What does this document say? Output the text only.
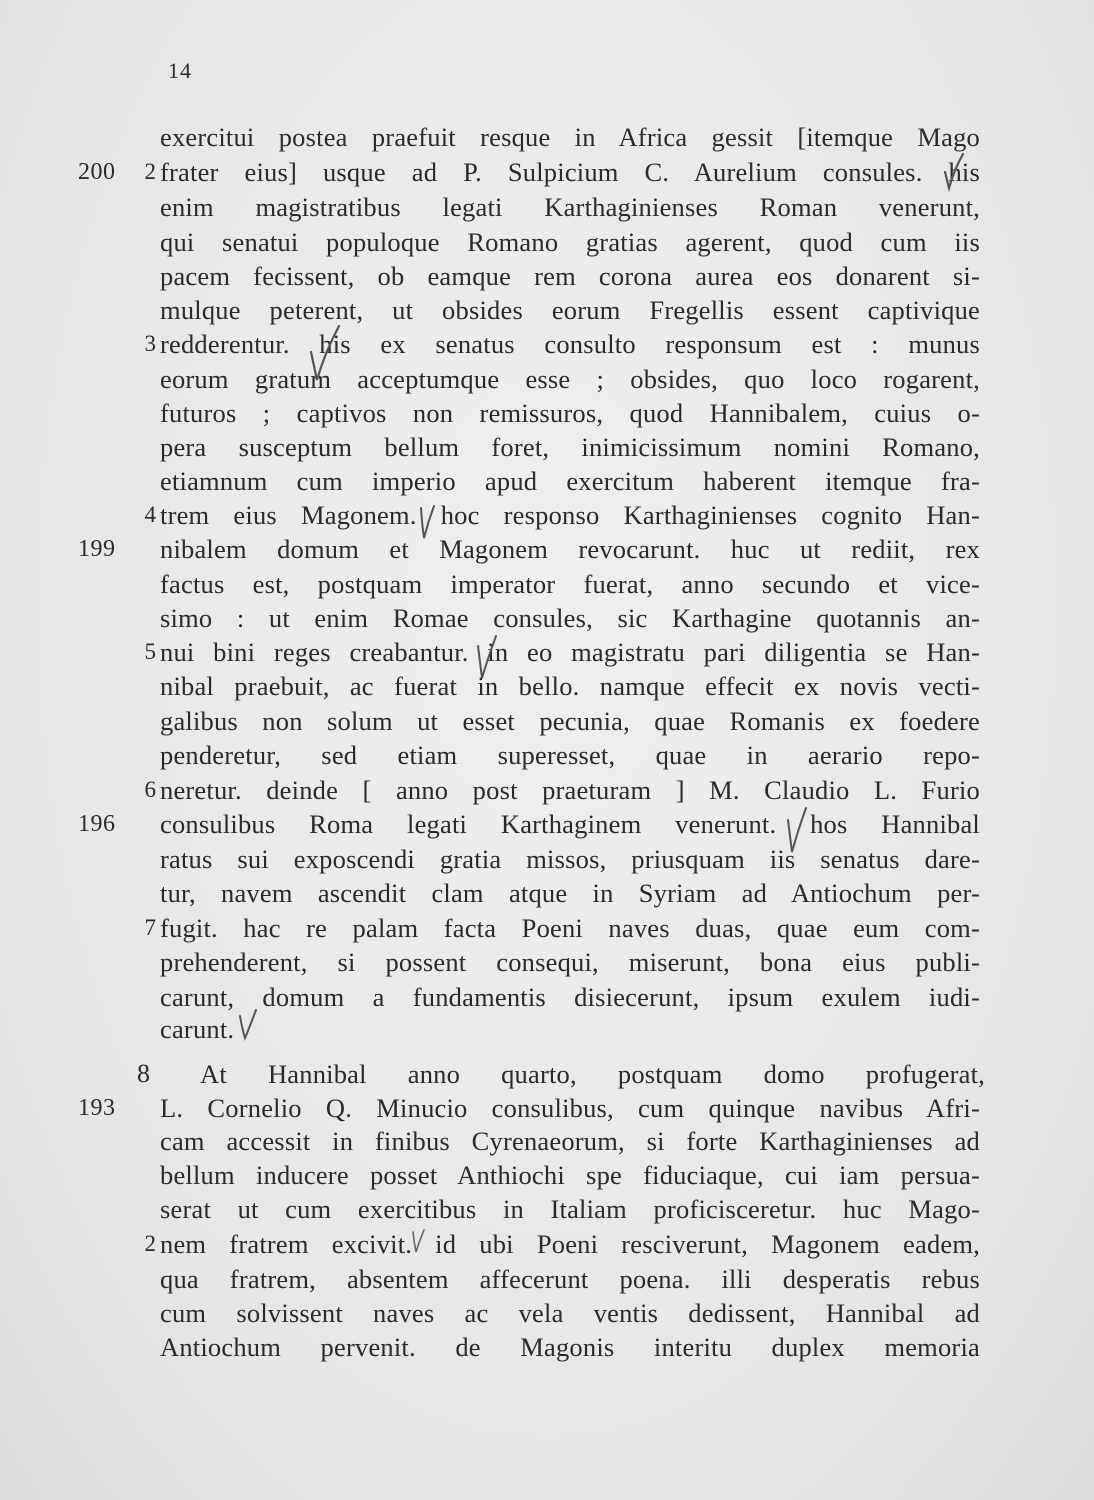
14
exercitui postea praefuit resque in Africa gessit [itemque Mago
200	2 frater eius] usque ad P. Sulpicium C. Aurelium consules. his
enim magistratibus legati Karthaginienses Roman venerunt,
qui senatui populoque Romano gratias agerent, quod cum iis
pacem fecissent, ob eamque rem corona aurea eos donarent si-
mulque peterent, ut obsides eorum Fregellis essent captivique
3 redderentur. his ex senatus consulto responsum est : munus
eorum gratum acceptumque esse ; obsides, quo loco rogarent,
futuros ; captivos non remissuros, quod Hannibalem, cuius o-
pera susceptum bellum foret, inimicissimum nomini Romano,
etiamnum cum imperio apud exercitum haberent itemque fra-
4 trem eius Magonem. hoc responso Karthaginienses cognito Han-
199	nibalem domum et Magonem revocarunt. huc ut rediit, rex
factus est, postquam imperator fuerat, anno secundo et vice-
simo : ut enim Romae consules, sic Karthagine quotannis an-
5 nui bini reges creabantur. in eo magistratu pari diligentia se Han-
nibal praebuit, ac fuerat in bello. namque effecit ex novis vecti-
galibus non solum ut esset pecunia, quae Romanis ex foedere
penderetur, sed etiam superesset, quae in aerario repo-
6 neretur. deinde [ anno post praeturam ] M. Claudio L. Furio
196	consulibus Roma legati Karthaginem venerunt. hos Hannibal
ratus sui exposcendi gratia missos, priusquam iis senatus dare-
tur, navem ascendit clam atque in Syriam ad Antiochum per-
7 fugit. hac re palam facta Poeni naves duas, quae eum com-
prehenderent, si possent consequi, miserunt, bona eius publi-
carunt, domum a fundamentis disiecerunt, ipsum exulem iudi-
carunt.
8 At Hannibal anno quarto, postquam domo profugerat,
193	L. Cornelio Q. Minucio consulibus, cum quinque navibus Afri-
cam accessit in finibus Cyrenaeorum, si forte Karthaginienses ad
bellum inducere posset Anthiochi spe fiduciaque, cui iam persua-
serat ut cum exercitibus in Italiam proficisceretur. huc Mago-
2 nem fratrem excivit. id ubi Poeni resciverunt, Magonem eadem,
qua fratrem, absentem affecerunt poena. illi desperatis rebus
cum solvissent naves ac vela ventis dedissent, Hannibal ad
Antiochum pervenit. de Magonis interitu duplex memoria
